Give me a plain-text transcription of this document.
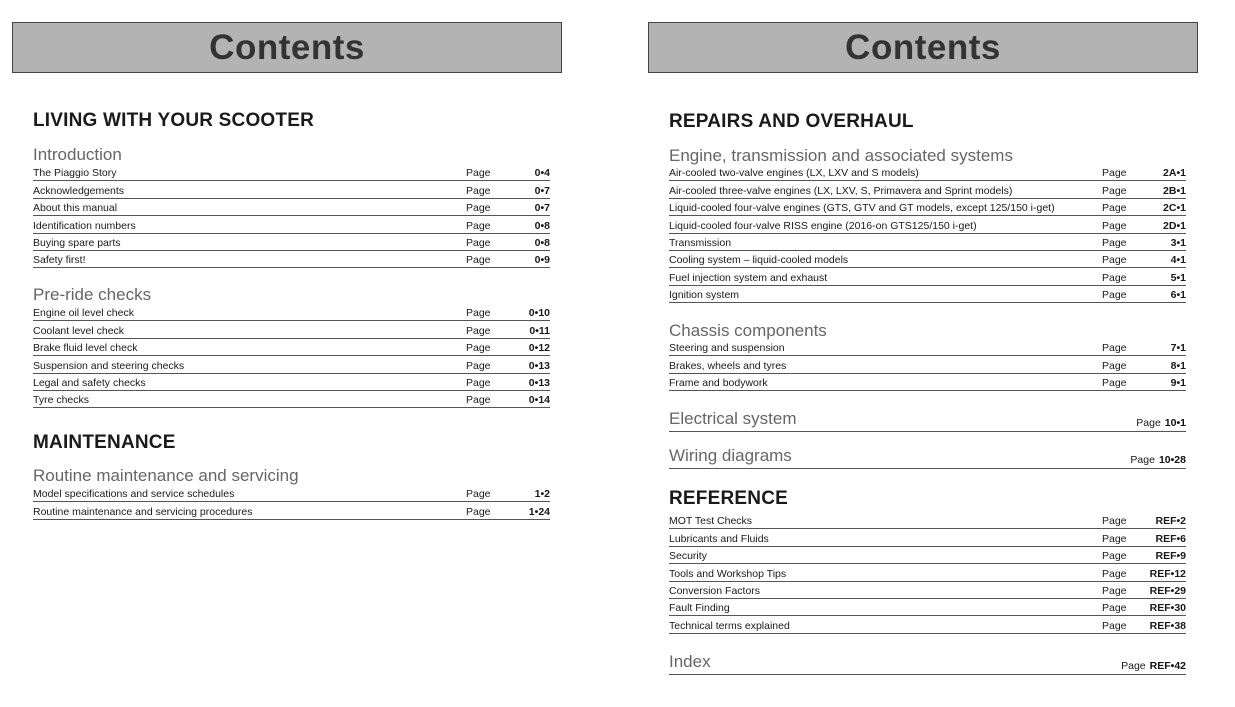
Contents
LIVING WITH YOUR SCOOTER
Introduction
The Piaggio Story	Page	0•4
Acknowledgements	Page	0•7
About this manual	Page	0•7
Identification numbers	Page	0•8
Buying spare parts	Page	0•8
Safety first!	Page	0•9
Pre-ride checks
Engine oil level check	Page	0•10
Coolant level check	Page	0•11
Brake fluid level check	Page	0•12
Suspension and steering checks	Page	0•13
Legal and safety checks	Page	0•13
Tyre checks	Page	0•14
MAINTENANCE
Routine maintenance and servicing
Model specifications and service schedules	Page	1•2
Routine maintenance and servicing procedures	Page	1•24
Contents
REPAIRS AND OVERHAUL
Engine, transmission and associated systems
Air-cooled two-valve engines (LX, LXV and S models)	Page	2A•1
Air-cooled three-valve engines (LX, LXV, S, Primavera and Sprint models)	Page	2B•1
Liquid-cooled four-valve engines (GTS, GTV and GT models, except 125/150 i-get)	Page	2C•1
Liquid-cooled four-valve RISS engine (2016-on GTS125/150 i-get)	Page	2D•1
Transmission	Page	3•1
Cooling system – liquid-cooled models	Page	4•1
Fuel injection system and exhaust	Page	5•1
Ignition system	Page	6•1
Chassis components
Steering and suspension	Page	7•1
Brakes, wheels and tyres	Page	8•1
Frame and bodywork	Page	9•1
Electrical system	Page 10•1
Wiring diagrams	Page 10•28
REFERENCE
MOT Test Checks	Page	REF•2
Lubricants and Fluids	Page	REF•6
Security	Page	REF•9
Tools and Workshop Tips	Page	REF•12
Conversion Factors	Page	REF•29
Fault Finding	Page	REF•30
Technical terms explained	Page	REF•38
Index	Page REF•42
